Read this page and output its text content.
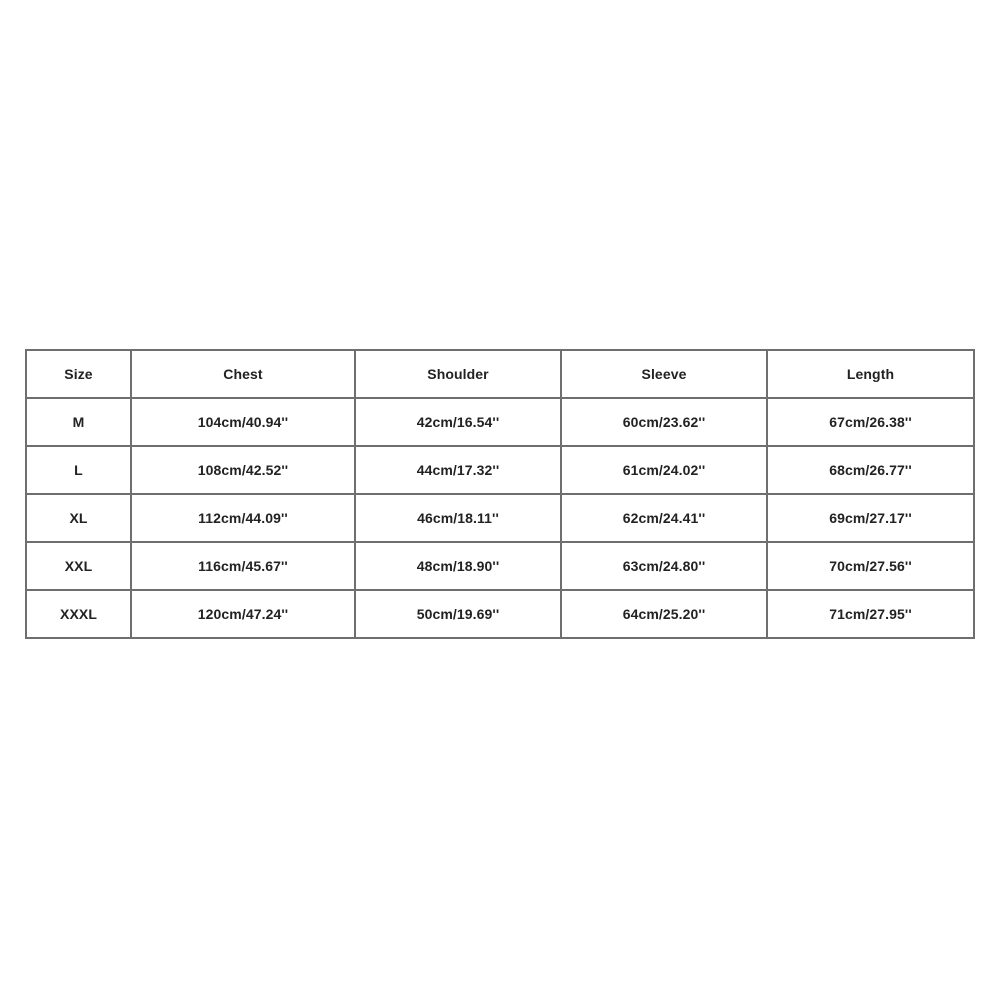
Size	Chest	Shoulder	Sleeve	Length
M	104cm/40.94''	42cm/16.54''	60cm/23.62''	67cm/26.38''
L	108cm/42.52''	44cm/17.32''	61cm/24.02''	68cm/26.77''
XL	112cm/44.09''	46cm/18.11''	62cm/24.41''	69cm/27.17''
XXL	116cm/45.67''	48cm/18.90''	63cm/24.80''	70cm/27.56''
XXXL	120cm/47.24''	50cm/19.69''	64cm/25.20''	71cm/27.95''
